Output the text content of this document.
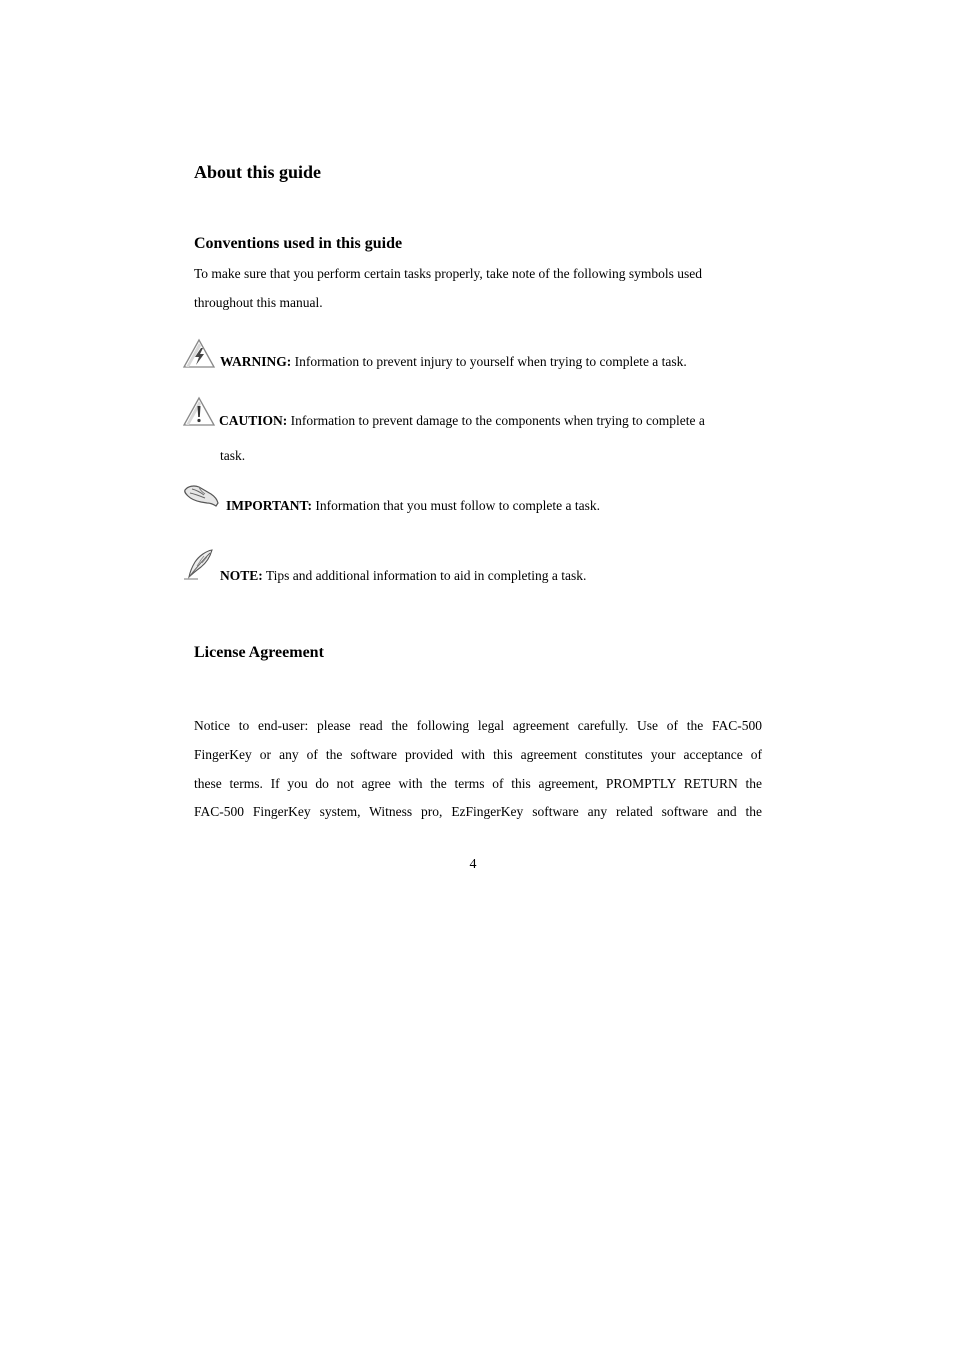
About this guide
Conventions used in this guide

To make sure that you perform certain tasks properly, take note of the following symbols used
throughout this manual.

WARNING: Information to prevent injury to yourself when trying to complete a task.
CAUTION: Information to prevent damage to the components when trying to complete a
task.
IMPORTANT: Information that you must follow to complete a task.
NOTE: Tips and additional information to aid in completing a task.
License Agreement
Notice to end-user: please read the following legal agreement carefully. Use of the FAC-500
FingerKey or any of the software provided with this agreement constitutes your acceptance of
these terms. If you do not agree with the terms of this agreement, PROMPTLY RETURN the
FAC-500 FingerKey system, Witness pro, EzFingerKey software any related software and the
4
